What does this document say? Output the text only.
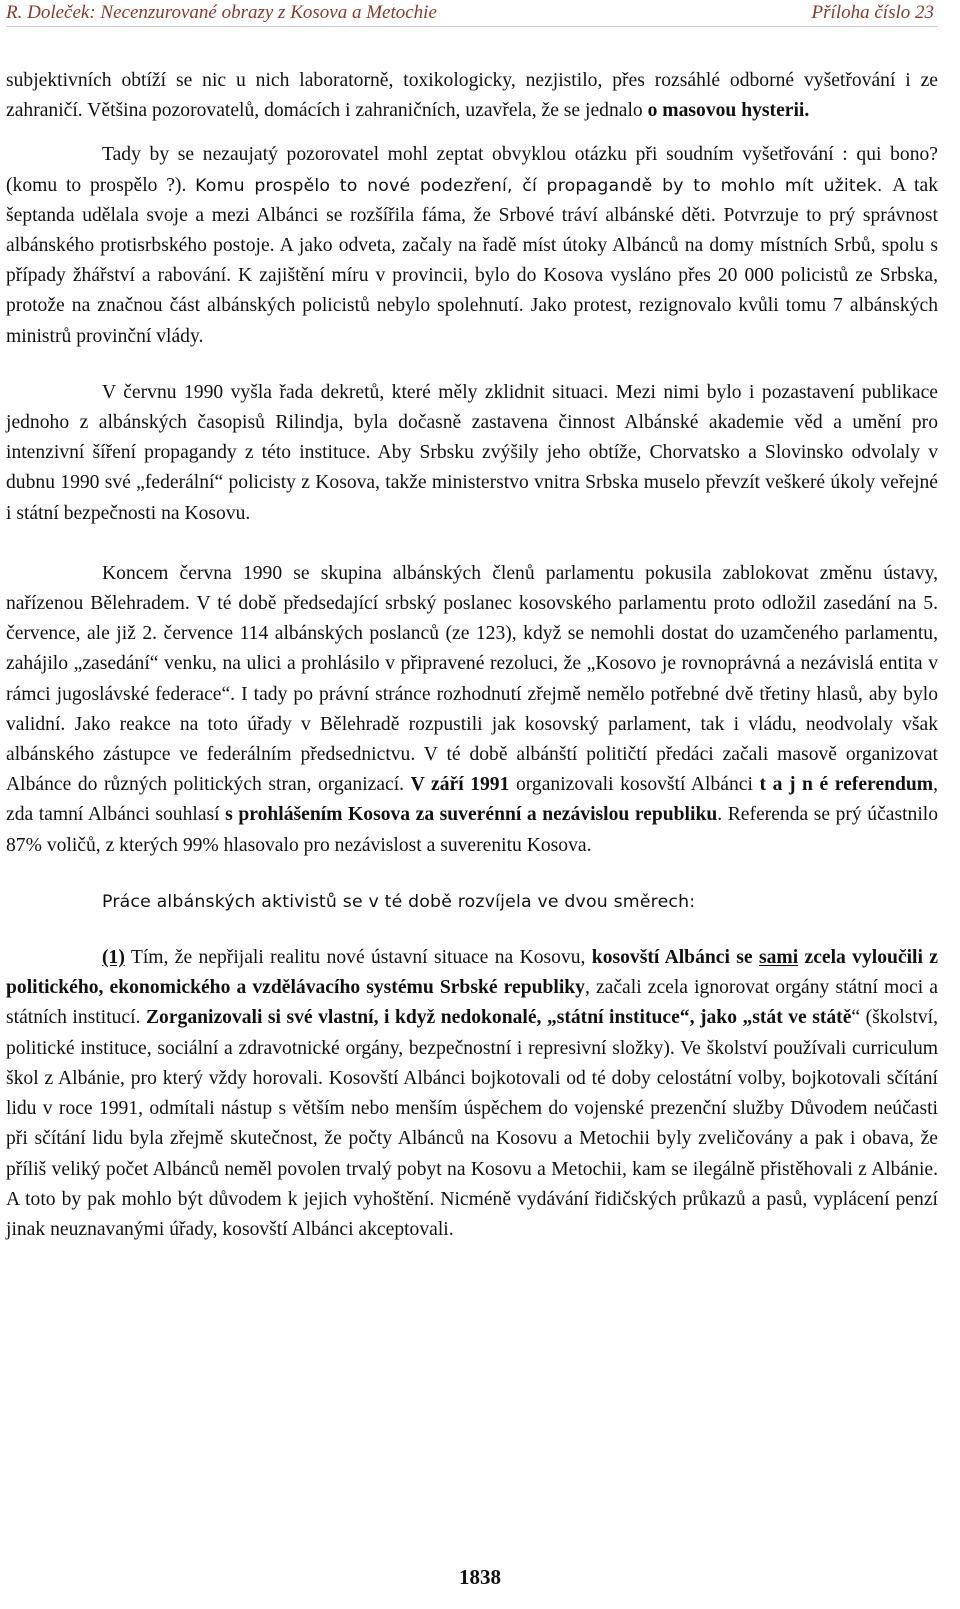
R. Doleček: Necenzurované obrazy z Kosova a Metochie	Příloha číslo 23

subjektivních obtíží se nic u nich laboratorně, toxikologicky, nezjistilo, přes rozsáhlé odborné vyšetřování i ze zahraničí. Většina pozorovatelů, domácích i zahraničních, uzavřela, že se jednalo o masovou hysterii.

Tady by se nezaujatý pozorovatel mohl zeptat obvyklou otázku při soudním vyšetřování : qui bono? (komu to prospělo ?). Komu prospělo to nové podezření, čí propagandě by to mohlo mít užitek. A tak šeptanda udělala svoje a mezi Albánci se rozšířila fáma, že Srbové tráví albánské děti. Potvrzuje to prý správnost albánského protisrbského postoje. A jako odveta, začaly na řadě míst útoky Albánců na domy místních Srbů, spolu s případy žhářství a rabování. K zajištění míru v provincii, bylo do Kosova vysláno přes 20 000 policistů ze Srbska, protože na značnou část albánských policistů nebylo spolehnutí. Jako protest, rezignovalo kvůli tomu 7 albánských ministrů provinční vlády.

V červnu 1990 vyšla řada dekretů, které měly zklidnit situaci. Mezi nimi bylo i pozastavení publikace jednoho z albánských časopisů Rilindja, byla dočasně zastavena činnost Albánské akademie věd a umění pro intenzivní šíření propagandy z této instituce. Aby Srbsku zvýšily jeho obtíže, Chorvatsko a Slovinsko odvolaly v dubnu 1990 své „federální“ policisty z Kosova, takže ministerstvo vnitra Srbska muselo převzít veškeré úkoly veřejné i státní bezpečnosti na Kosovu.

Koncem června 1990 se skupina albánských členů parlamentu pokusila zablokovat změnu ústavy, nařízenou Bělehradem. V té době předsedající srbský poslanec kosovského parlamentu proto odložil zasedání na 5. července, ale již 2. července 114 albánských poslanců (ze 123), když se nemohli dostat do uzamčeného parlamentu, zahájilo „zasedání“ venku, na ulici a prohlásilo v připravené rezoluci, že „Kosovo je rovnoprávná a nezávislá entita v rámci jugoslávské federace“. I tady po právní stránce rozhodnutí zřejmě nemělo potřebné dvě třetiny hlasů, aby bylo validní. Jako reakce na toto úřady v Bělehradě rozpustili jak kosovský parlament, tak i vládu, neodvolaly však albánského zástupce ve federálním předsednictvu. V té době albánští političtí předáci začali masově organizovat Albánce do různých politických stran, organizací. V září 1991 organizovali kosovští Albánci t a j n é referendum, zda tamní Albánci souhlasí s prohlášením Kosova za suverénní a nezávislou republiku. Referenda se prý účastnilo 87% voličů, z kterých 99% hlasovalo pro nezávislost a suverenitu Kosova.

Práce albánských aktivistů se v té době rozvíjela ve dvou směrech:

(1) Tím, že nepřijali realitu nové ústavní situace na Kosovu, kosovští Albánci se sami zcela vyloučili z politického, ekonomického a vzdělávacího systému Srbské republiky, začali zcela ignorovat orgány státní moci a státních institucí. Zorganizovali si své vlastní, i když nedokonalé, „státní instituce“, jako „stát ve státě“ (školství, politické instituce, sociální a zdravotnické orgány, bezpečnostní i represivní složky). Ve školství používali curriculum škol z Albánie, pro který vždy horovali. Kosovští Albánci bojkotovali od té doby celostátní volby, bojkotovali sčítání lidu v roce 1991, odmítali nástup s větším nebo menším úspěchem do vojenské prezenční služby Důvodem neúčasti při sčítání lidu byla zřejmě skutečnost, že počty Albánců na Kosovu a Metochii byly zveličovány a pak i obava, že příliš veliký počet Albánců neměl povolen trvalý pobyt na Kosovu a Metochii, kam se ilegálně přistěhovali z Albánie. A toto by pak mohlo být důvodem k jejich vyhoštění. Nicméně vydávání řidičských průkazů a pasů, vyplácení penzí jinak neuznavanými úřady, kosovští Albánci akceptovali.

1838
